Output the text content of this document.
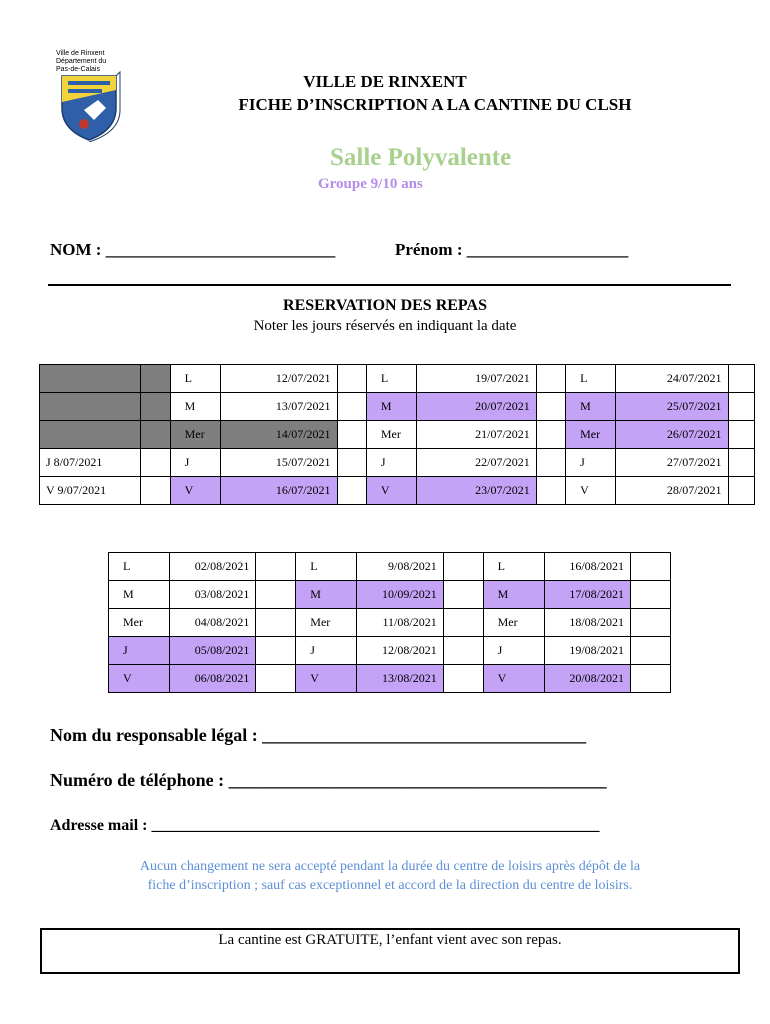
Ville de Rinxent
Département du
Pas-de-Calais
VILLE DE RINXENT
FICHE D’INSCRIPTION A LA CANTINE DU CLSH
Salle Polyvalente
Groupe 9/10 ans
NOM : ___________________________	Prénom : ___________________
RESERVATION DES REPAS
Noter les jours réservés en indiquant la date
		L	12/07/2021		L	19/07/2021		L	24/07/2021	
		M	13/07/2021		M	20/07/2021		M	25/07/2021	
		Mer	14/07/2021		Mer	21/07/2021		Mer	26/07/2021	
J 8/07/2021		J	15/07/2021		J	22/07/2021		J	27/07/2021	
V 9/07/2021		V	16/07/2021		V	23/07/2021		V	28/07/2021	
L	02/08/2021		L	9/08/2021		L	16/08/2021	
M	03/08/2021		M	10/09/2021		M	17/08/2021	
Mer	04/08/2021		Mer	11/08/2021		Mer	18/08/2021	
J	05/08/2021		J	12/08/2021		J	19/08/2021	
V	06/08/2021		V	13/08/2021		V	20/08/2021	
Nom du responsable légal : ____________________________________
Numéro de téléphone : __________________________________________
Adresse mail : ________________________________________________________
Aucun changement ne sera accepté pendant la durée du centre de loisirs après dépôt de la
fiche d’inscription ; sauf cas exceptionnel et accord de la direction du centre de loisirs.
La cantine est GRATUITE, l’enfant vient avec son repas.
